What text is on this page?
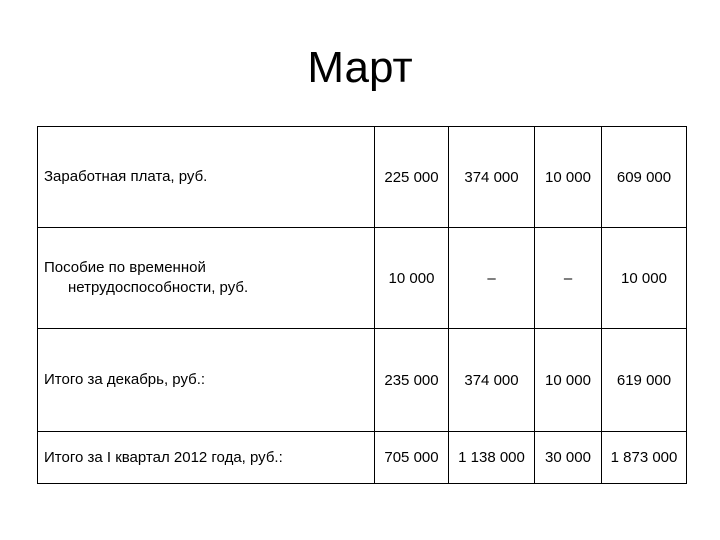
Март
Заработная плата, руб.	225 000	374 000	10 000	609 000

Пособие по временной
нетрудоспособности, руб.	10 000	–	–	10 000

Итого за декабрь, руб.:	235 000	374 000	10 000	619 000

Итого за I квартал 2012 года, руб.:	705 000	1 138 000	30 000	1 873 000
